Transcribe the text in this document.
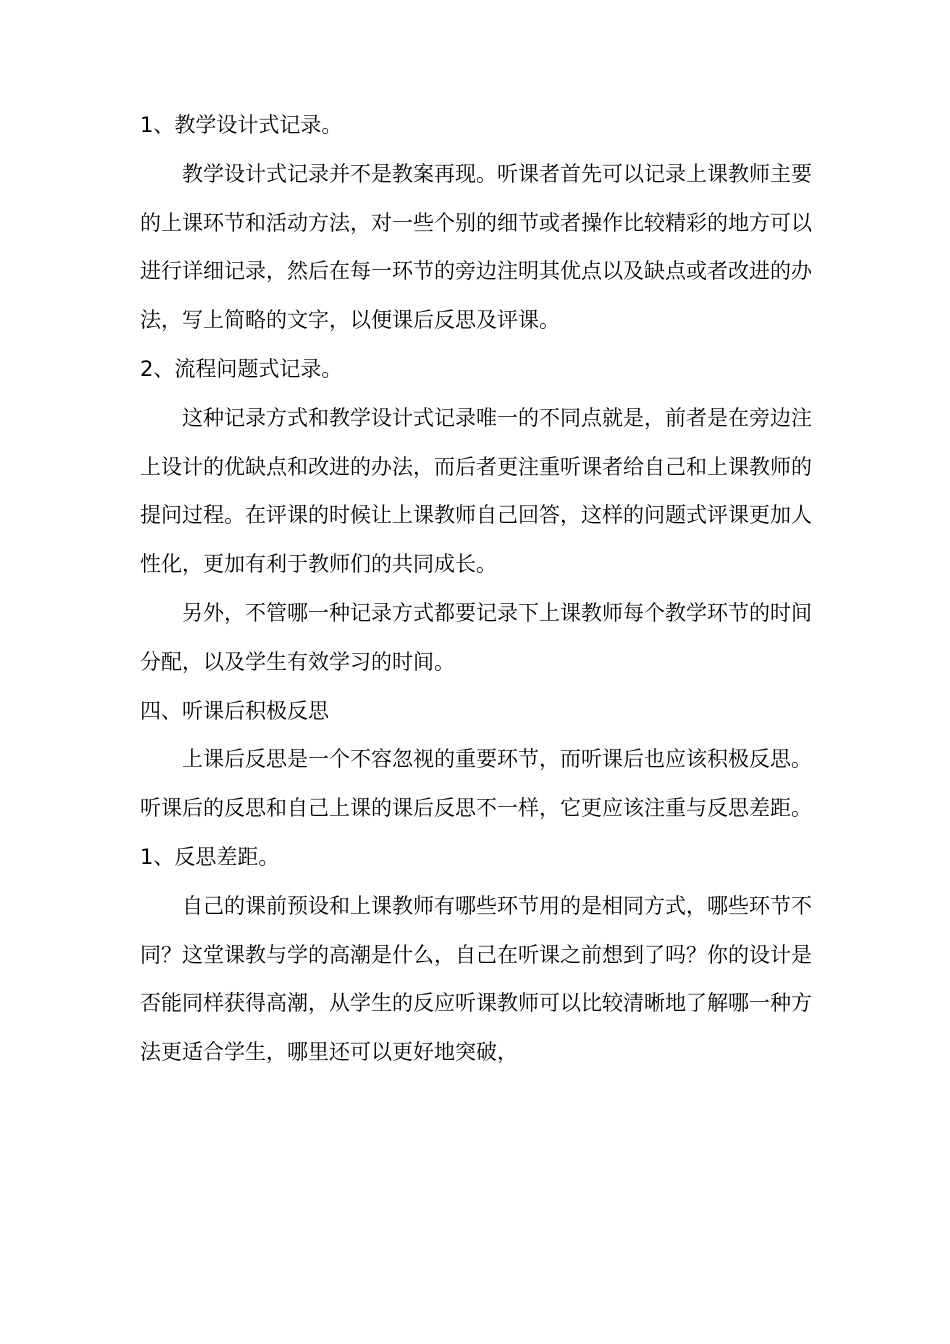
1、教学设计式记录。

教学设计式记录并不是教案再现。听课者首先可以记录上课教师主要的上课环节和活动方法，对一些个别的细节或者操作比较精彩的地方可以进行详细记录，然后在每一环节的旁边注明其优点以及缺点或者改进的办法，写上简略的文字，以便课后反思及评课。

2、流程问题式记录。

这种记录方式和教学设计式记录唯一的不同点就是，前者是在旁边注上设计的优缺点和改进的办法，而后者更注重听课者给自己和上课教师的提问过程。在评课的时候让上课教师自己回答，这样的问题式评课更加人性化，更加有利于教师们的共同成长。

另外，不管哪一种记录方式都要记录下上课教师每个教学环节的时间分配，以及学生有效学习的时间。

四、听课后积极反思

上课后反思是一个不容忽视的重要环节，而听课后也应该积极反思。听课后的反思和自己上课的课后反思不一样，它更应该注重与反思差距。

1、反思差距。

自己的课前预设和上课教师有哪些环节用的是相同方式，哪些环节不同？这堂课教与学的高潮是什么，自己在听课之前想到了吗？你的设计是否能同样获得高潮，从学生的反应听课教师可以比较清晰地了解哪一种方法更适合学生，哪里还可以更好地突破，
